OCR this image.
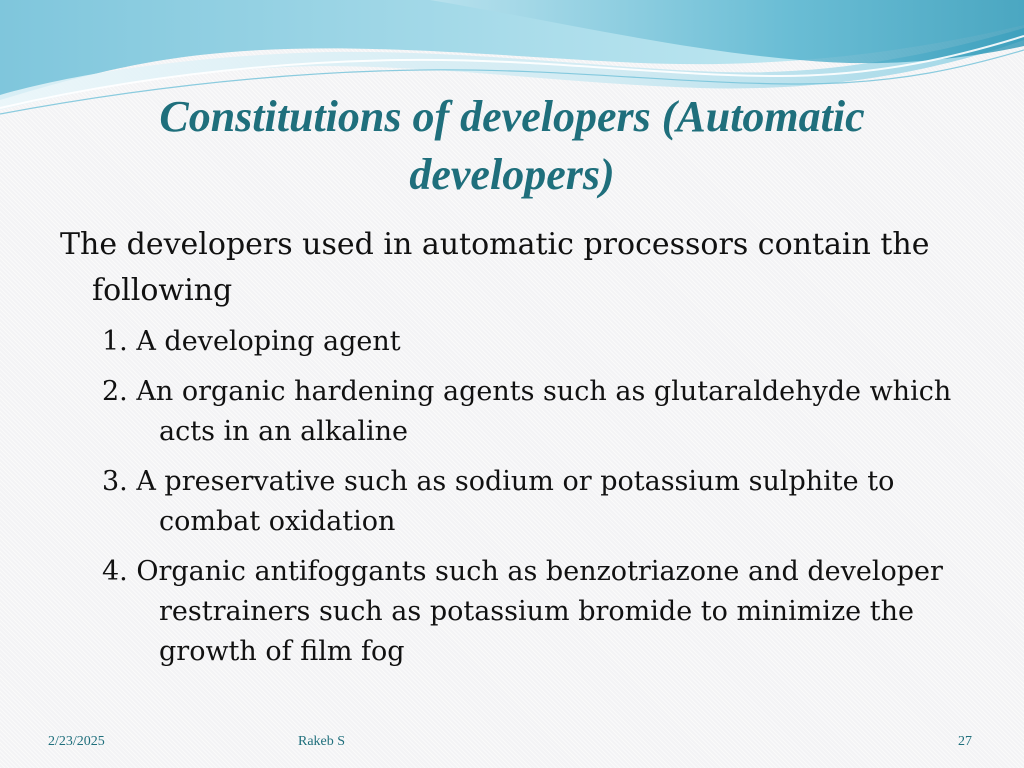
Constitutions of developers (Automatic developers)

The developers used in automatic processors contain the following

1. A developing agent
2. An organic hardening agents such as glutaraldehyde which acts in an alkaline
3. A preservative such as sodium or potassium sulphite to combat oxidation
4. Organic antifoggants such as benzotriazone and developer restrainers such as potassium bromide to minimize the growth of film fog
2/23/2025	Rakeb S	27
